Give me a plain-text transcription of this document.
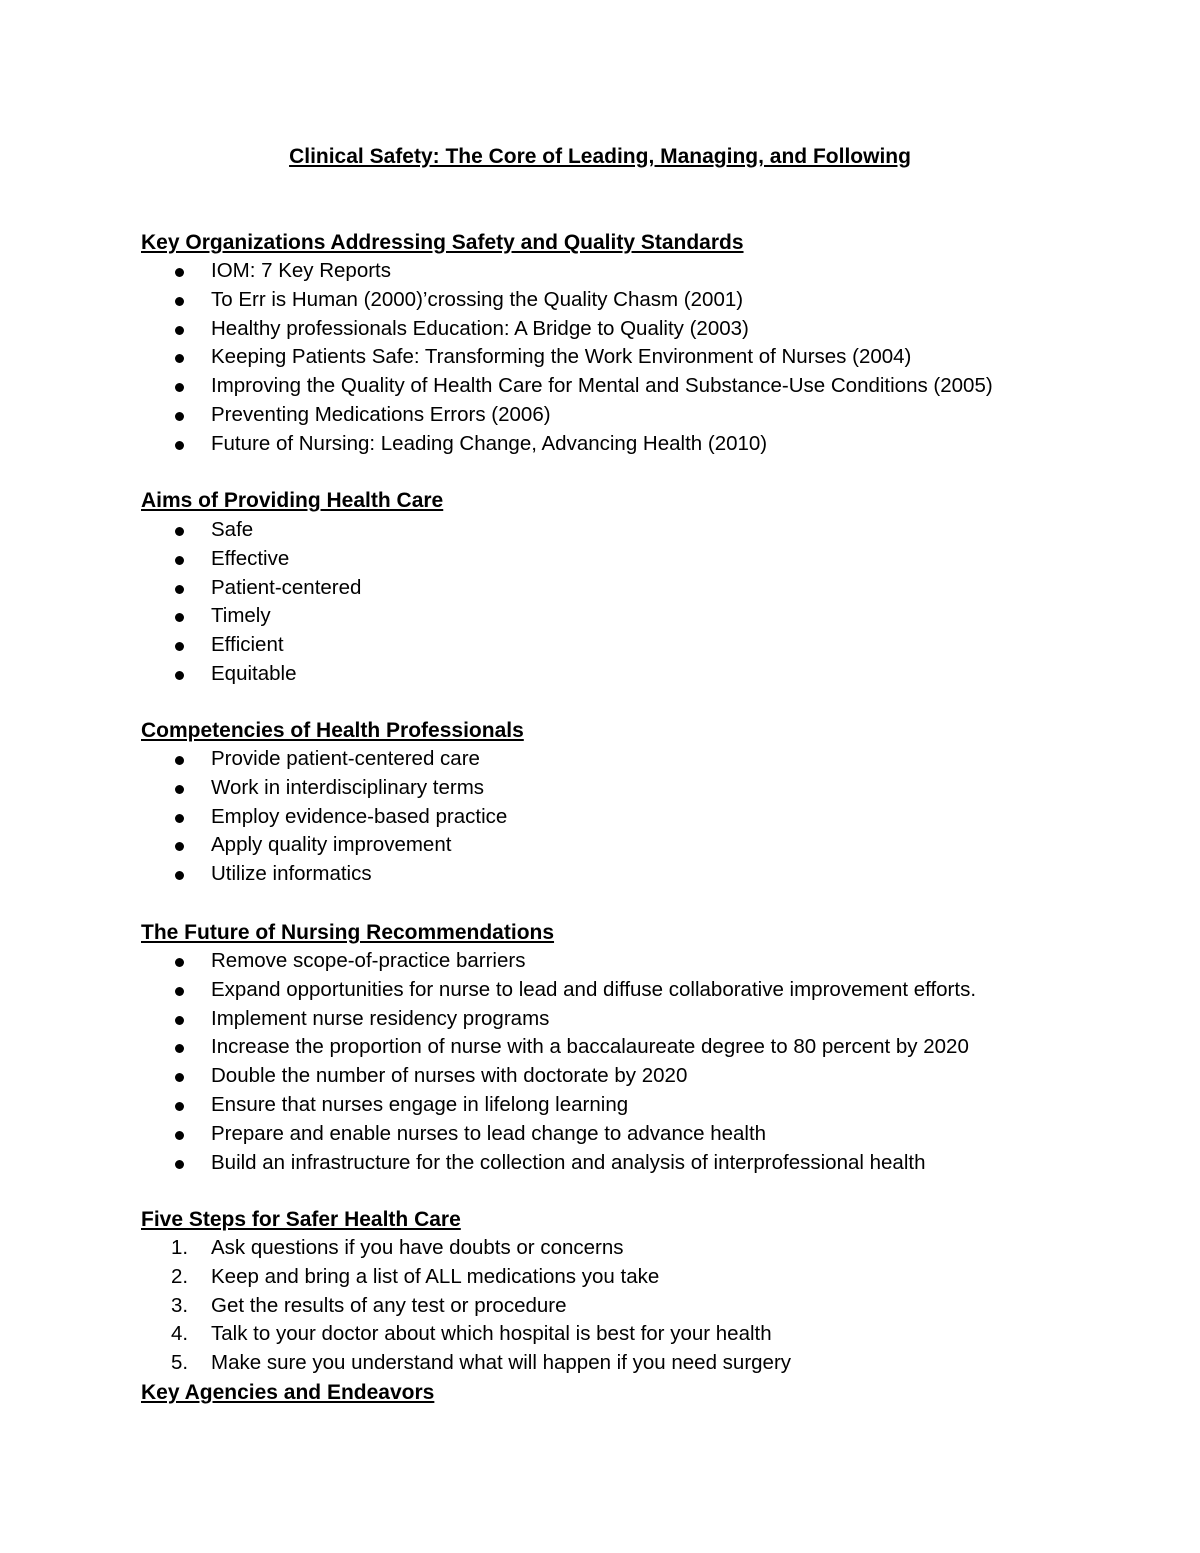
Clinical Safety: The Core of Leading, Managing, and Following
Key Organizations Addressing Safety and Quality Standards
IOM: 7 Key Reports
To Err is Human (2000)’crossing the Quality Chasm (2001)
Healthy professionals Education: A Bridge to Quality (2003)
Keeping Patients Safe: Transforming the Work Environment of Nurses (2004)
Improving the Quality of Health Care for Mental and Substance-Use Conditions (2005)
Preventing Medications Errors (2006)
Future of Nursing: Leading Change, Advancing Health (2010)
Aims of Providing Health Care
Safe
Effective
Patient-centered
Timely
Efficient
Equitable
Competencies of Health Professionals
Provide patient-centered care
Work in interdisciplinary terms
Employ evidence-based practice
Apply quality improvement
Utilize informatics
The Future of Nursing Recommendations
Remove scope-of-practice barriers
Expand opportunities for nurse to lead and diffuse collaborative improvement efforts.
Implement nurse residency programs
Increase the proportion of nurse with a baccalaureate degree to 80 percent by 2020
Double the number of nurses with doctorate by 2020
Ensure that nurses engage in lifelong learning
Prepare and enable nurses to lead change to advance health
Build an infrastructure for the collection and analysis of interprofessional health
Five Steps for Safer Health Care
1. Ask questions if you have doubts or concerns
2. Keep and bring a list of ALL medications you take
3. Get the results of any test or procedure
4. Talk to your doctor about which hospital is best for your health
5. Make sure you understand what will happen if you need surgery
Key Agencies and Endeavors
